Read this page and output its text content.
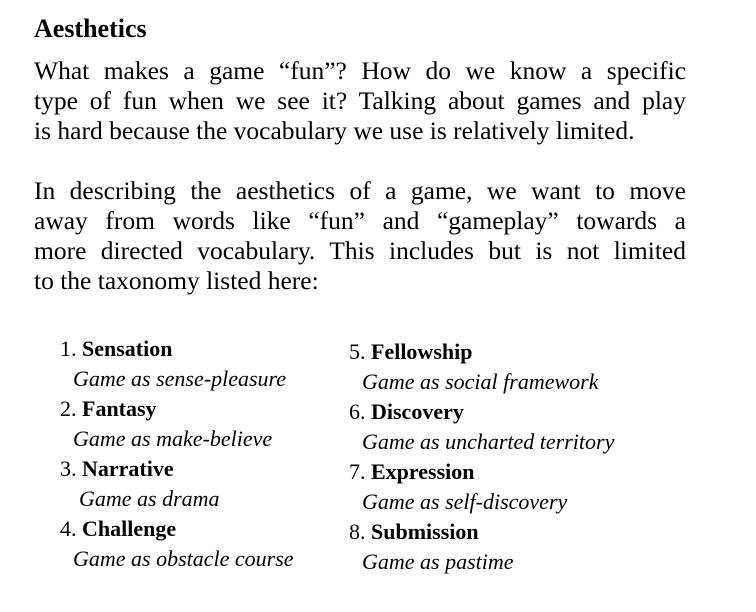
Aesthetics
What makes a game “fun”? How do we know a specific
type of fun when we see it? Talking about games and play
is hard because the vocabulary we use is relatively limited.
In describing the aesthetics of a game, we want to move
away from words like “fun” and “gameplay” towards a
more directed vocabulary. This includes but is not limited
to the taxonomy listed here:
1. Sensation
Game as sense-pleasure
2. Fantasy
Game as make-believe
3. Narrative
Game as drama
4. Challenge
Game as obstacle course
5. Fellowship
Game as social framework
6. Discovery
Game as uncharted territory
7. Expression
Game as self-discovery
8. Submission
Game as pastime
